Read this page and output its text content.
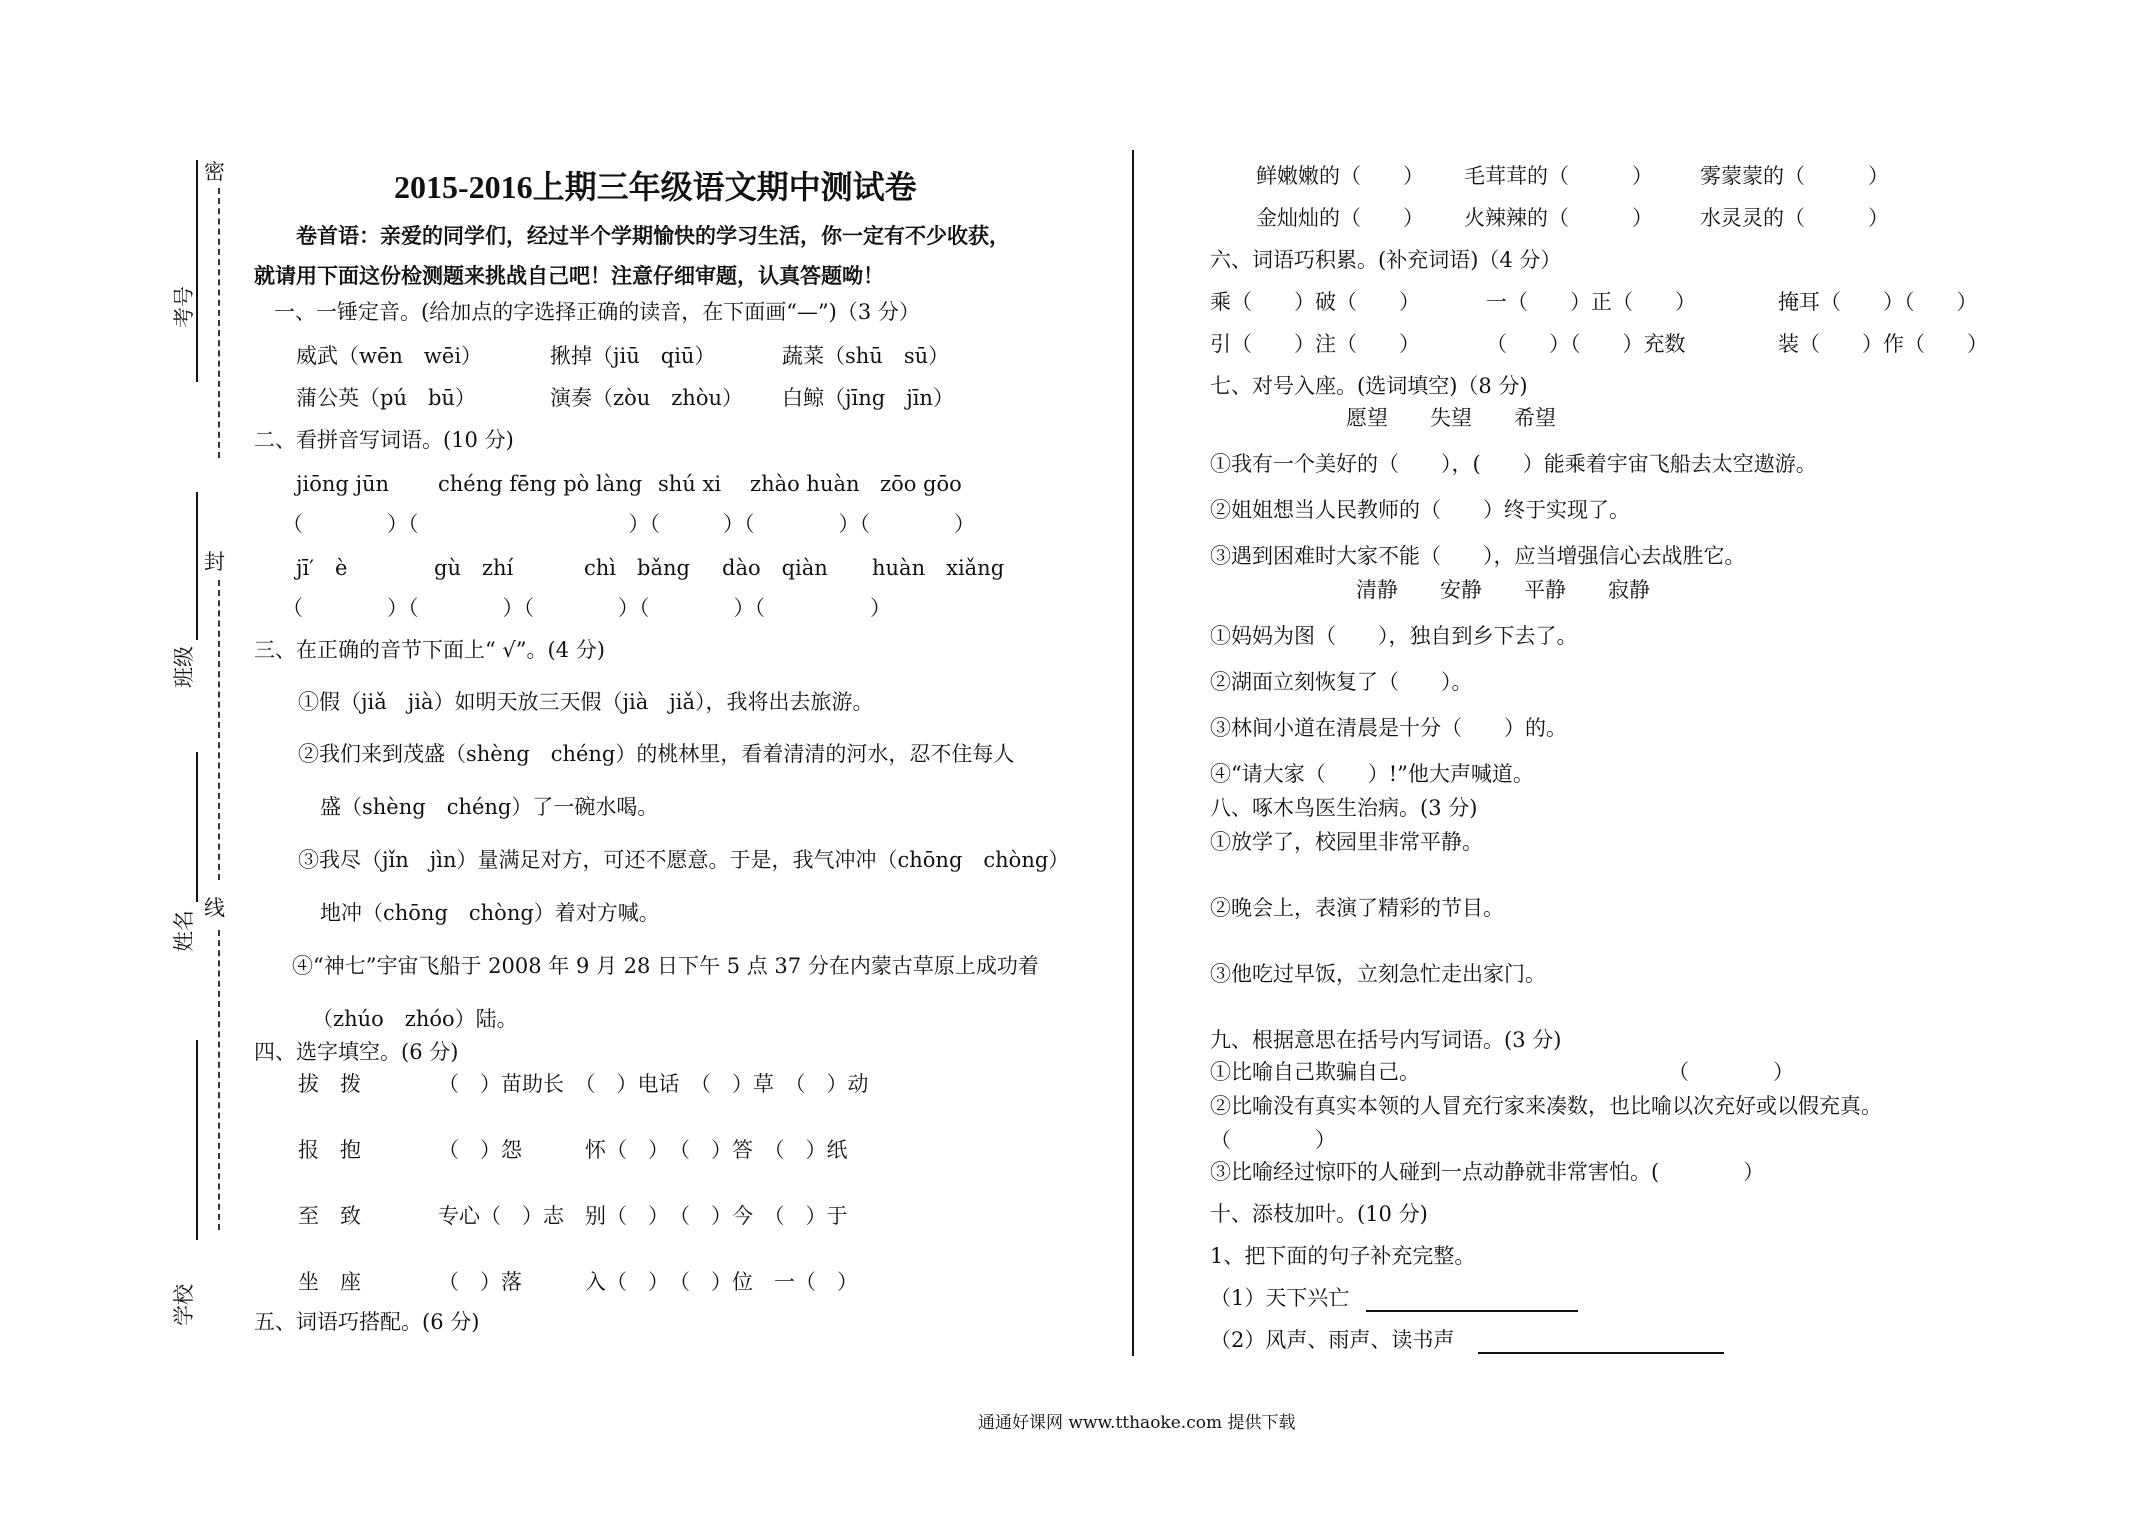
密
封
线
考号
班级
姓名
学校
2015-2016上期三年级语文期中测试卷
卷首语：亲爱的同学们，经过半个学期愉快的学习生活，你一定有不少收获，
就请用下面这份检测题来挑战自己吧！注意仔细审题，认真答题呦！
一、一锤定音。(给加点的字选择正确的读音，在下面画“—”)（3 分）
威武（wēn　wēi）	揪掉（jiū　qiū）	蔬菜（shū　sū）
蒲公英（pú　bū）	演奏（zòu　zhòu） 白鲸（jīng　jīn）
二、看拼音写词语。(10 分)
jiōng jūn chéng fēng pò làng shú xi zhào huàn zōo gōo
（　　　　）（　　　　　　　　　　）（　　　）（　　　　）（　　　　）
jī′　è	gù　zhí	chì　bǎng dào　qiàn huàn　xiǎng
（　　　　）（　　　　）（　　　　）（　　　　）（　　　　　）
三、在正确的音节下面上“ √”。(4 分)
①假（jiǎ　jià）如明天放三天假（jià　jiǎ），我将出去旅游。
②我们来到茂盛（shèng　chéng）的桃林里，看着清清的河水，忍不住每人
盛（shèng　chéng）了一碗水喝。
③我尽（jǐn　jìn）量满足对方，可还不愿意。于是，我气冲冲（chōng　chòng）
地冲（chōng　chòng）着对方喊。
④“神七”宇宙飞船于 2008 年 9 月 28 日下午 5 点 37 分在内蒙古草原上成功着
（zhúo　zhóo）陆。
四、选字填空。(6 分)
拔　拨	（　）苗助长　（　）电话　（　）草　（　）动
报　抱	（　）怨　　　怀（　）　（　）答　（　）纸
至　致	专心（　）志　别（　）　（　）今　（　）于
坐　座	（　）落　　　入（　）　（　）位　一（　）
五、词语巧搭配。(6 分)
鲜嫩嫩的（　　） 毛茸茸的（　　　） 雾蒙蒙的（　　　）
金灿灿的（　　） 火辣辣的（　　　） 水灵灵的（　　　）
六、词语巧积累。(补充词语)（4 分）
乘（　　）破（　　）	一（　　）正（　　）	掩耳（　　）（　　）
引（　　）注（　　）	（　　）（　　）充数	装（　　）作（　　）
七、对号入座。(选词填空)（8 分)
愿望　　失望　　希望
①我有一个美好的（　　），(　　）能乘着宇宙飞船去太空遨游。
②姐姐想当人民教师的（　　）终于实现了。
③遇到困难时大家不能（　　），应当增强信心去战胜它。
清静　　安静　　平静　　寂静
①妈妈为图（　　），独自到乡下去了。
②湖面立刻恢复了（　　）。
③林间小道在清晨是十分（　　）的。
④“请大家（　　）!”他大声喊道。
八、啄木鸟医生治病。(3 分)
①放学了，校园里非常平静。
②晚会上，表演了精彩的节目。
③他吃过早饭，立刻急忙走出家门。
九、根据意思在括号内写词语。(3 分)
①比喻自己欺骗自己。	（　　　　）
②比喻没有真实本领的人冒充行家来凑数，也比喻以次充好或以假充真。
（　　　　）
③比喻经过惊吓的人碰到一点动静就非常害怕。(　　　　）
十、添枝加叶。(10 分)
1、把下面的句子补充完整。
（1）天下兴亡
（2）风声、雨声、读书声
通通好课网 www.tthaoke.com 提供下载
